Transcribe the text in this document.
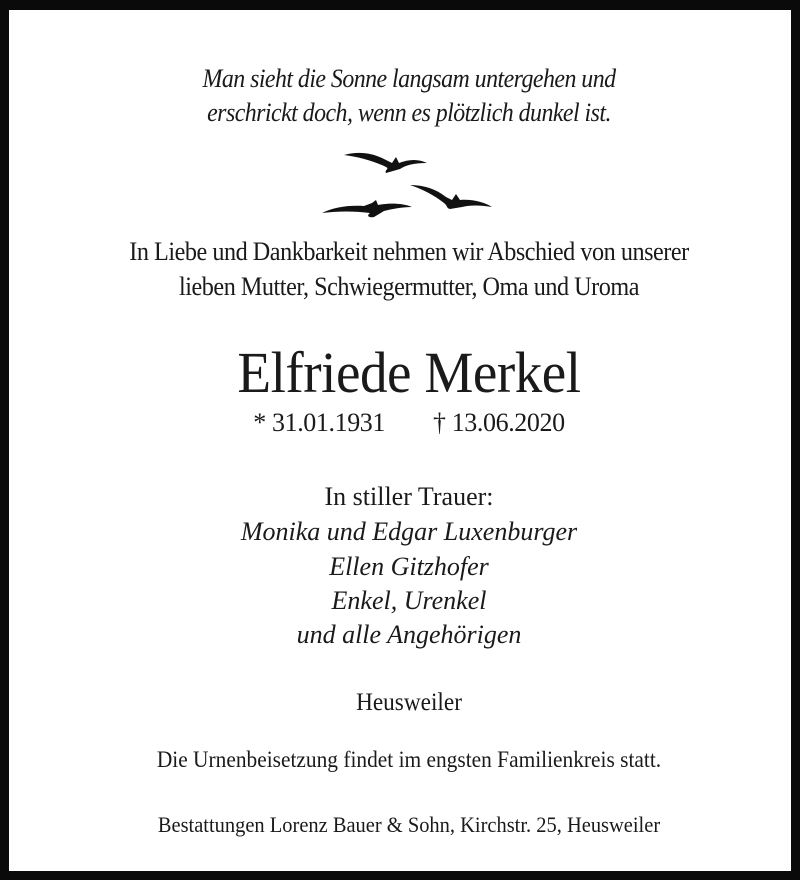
Man sieht die Sonne langsam untergehen und
erschrickt doch, wenn es plötzlich dunkel ist.
In Liebe und Dankbarkeit nehmen wir Abschied von unserer
lieben Mutter, Schwiegermutter, Oma und Uroma
Elfriede Merkel
* 31.01.1931 † 13.06.2020
In stiller Trauer:
Monika und Edgar Luxenburger
Ellen Gitzhofer
Enkel, Urenkel
und alle Angehörigen
Heusweiler
Die Urnenbeisetzung findet im engsten Familienkreis statt.
Bestattungen Lorenz Bauer & Sohn, Kirchstr. 25, Heusweiler
